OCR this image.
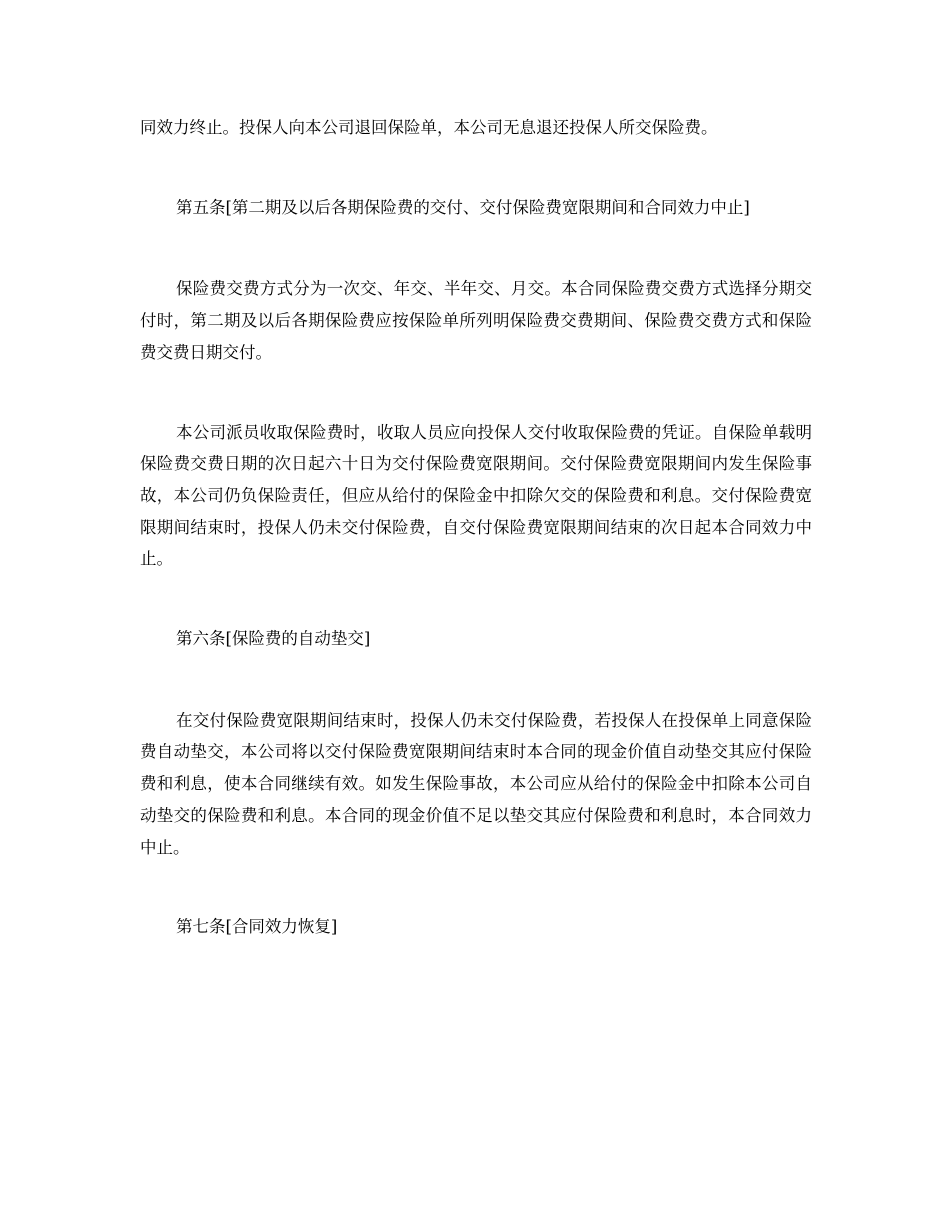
同效力终止。投保人向本公司退回保险单，本公司无息退还投保人所交保险费。

第五条[第二期及以后各期保险费的交付、交付保险费宽限期间和合同效力中止]

保险费交费方式分为一次交、年交、半年交、月交。本合同保险费交费方式选择分期交付时，第二期及以后各期保险费应按保险单所列明保险费交费期间、保险费交费方式和保险费交费日期交付。

本公司派员收取保险费时，收取人员应向投保人交付收取保险费的凭证。自保险单载明保险费交费日期的次日起六十日为交付保险费宽限期间。交付保险费宽限期间内发生保险事故，本公司仍负保险责任，但应从给付的保险金中扣除欠交的保险费和利息。交付保险费宽限期间结束时，投保人仍未交付保险费，自交付保险费宽限期间结束的次日起本合同效力中止。

第六条[保险费的自动垫交]

在交付保险费宽限期间结束时，投保人仍未交付保险费，若投保人在投保单上同意保险费自动垫交，本公司将以交付保险费宽限期间结束时本合同的现金价值自动垫交其应付保险费和利息，使本合同继续有效。如发生保险事故，本公司应从给付的保险金中扣除本公司自动垫交的保险费和利息。本合同的现金价值不足以垫交其应付保险费和利息时，本合同效力中止。

第七条[合同效力恢复]
